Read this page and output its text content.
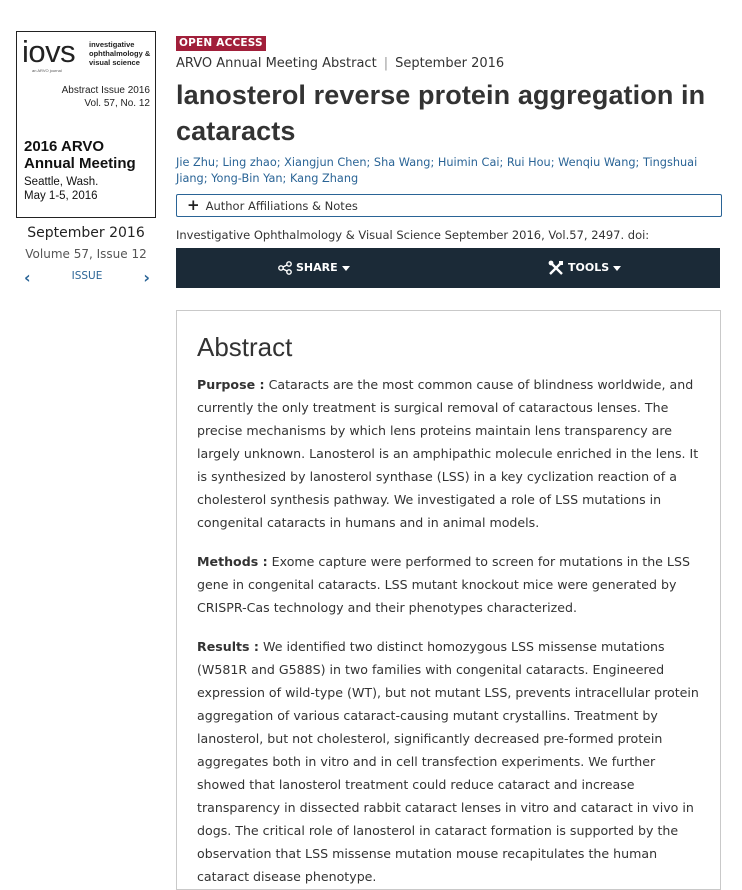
iovs investigative
ophthalmology &
visual science
an ARVO journal
Abstract Issue 2016
Vol. 57, No. 12
2016 ARVO
Annual Meeting
Seattle, Wash.
May 1-5, 2016
September 2016
Volume 57, Issue 12
‹	ISSUE	›
OPEN ACCESS
ARVO Annual Meeting Abstract | September 2016
lanosterol reverse protein aggregation in cataracts
Jie Zhu; Ling zhao; Xiangjun Chen; Sha Wang; Huimin Cai; Rui Hou; Wenqiu Wang; Tingshuai Jiang; Yong-Bin Yan; Kang Zhang
+ Author Affiliations & Notes
Investigative Ophthalmology & Visual Science September 2016, Vol.57, 2497. doi:
SHARE	TOOLS
Abstract

Purpose : Cataracts are the most common cause of blindness worldwide, and currently the only treatment is surgical removal of cataractous lenses. The precise mechanisms by which lens proteins maintain lens transparency are largely unknown. Lanosterol is an amphipathic molecule enriched in the lens. It is synthesized by lanosterol synthase (LSS) in a key cyclization reaction of a cholesterol synthesis pathway. We investigated a role of LSS mutations in congenital cataracts in humans and in animal models.

Methods : Exome capture were performed to screen for mutations in the LSS gene in congenital cataracts. LSS mutant knockout mice were generated by CRISPR-Cas technology and their phenotypes characterized.

Results : We identified two distinct homozygous LSS missense mutations (W581R and G588S) in two families with congenital cataracts. Engineered expression of wild-type (WT), but not mutant LSS, prevents intracellular protein aggregation of various cataract-causing mutant crystallins. Treatment by lanosterol, but not cholesterol, significantly decreased pre-formed protein aggregates both in vitro and in cell transfection experiments. We further showed that lanosterol treatment could reduce cataract and increase transparency in dissected rabbit cataract lenses in vitro and cataract in vivo in dogs. The critical role of lanosterol in cataract formation is supported by the observation that LSS missense mutation mouse recapitulates the human cataract disease phenotype.
